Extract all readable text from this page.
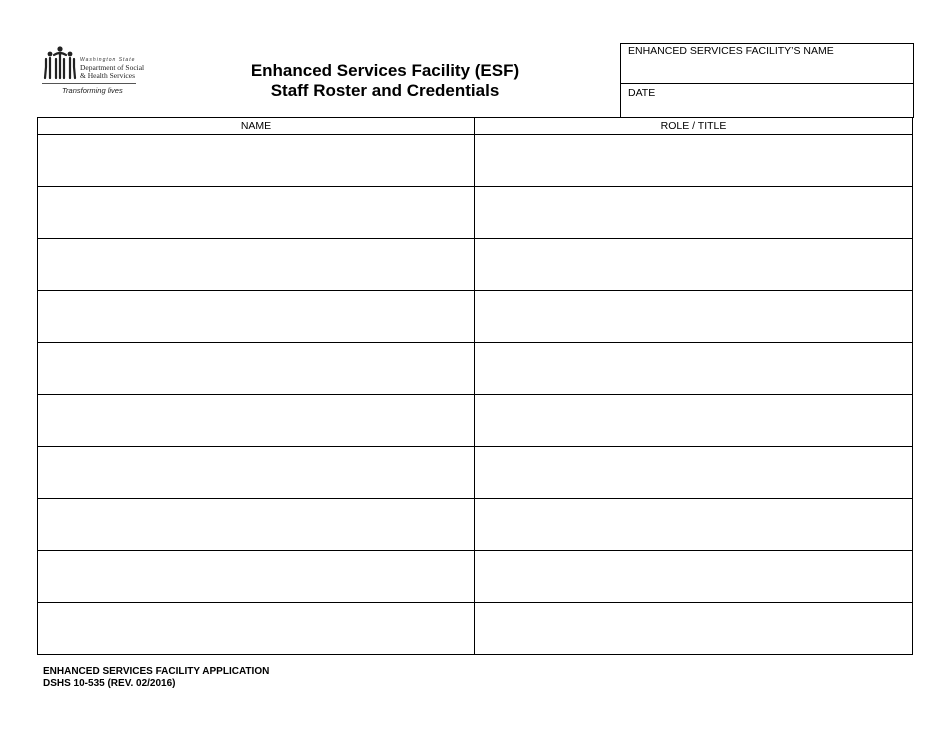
Washington State
Department of Social
& Health Services
Transforming lives
Enhanced Services Facility (ESF)
Staff Roster and Credentials
ENHANCED SERVICES FACILITY’S NAME
DATE
NAME	ROLE / TITLE

ENHANCED SERVICES FACILITY APPLICATION
DSHS 10-535 (REV. 02/2016)
